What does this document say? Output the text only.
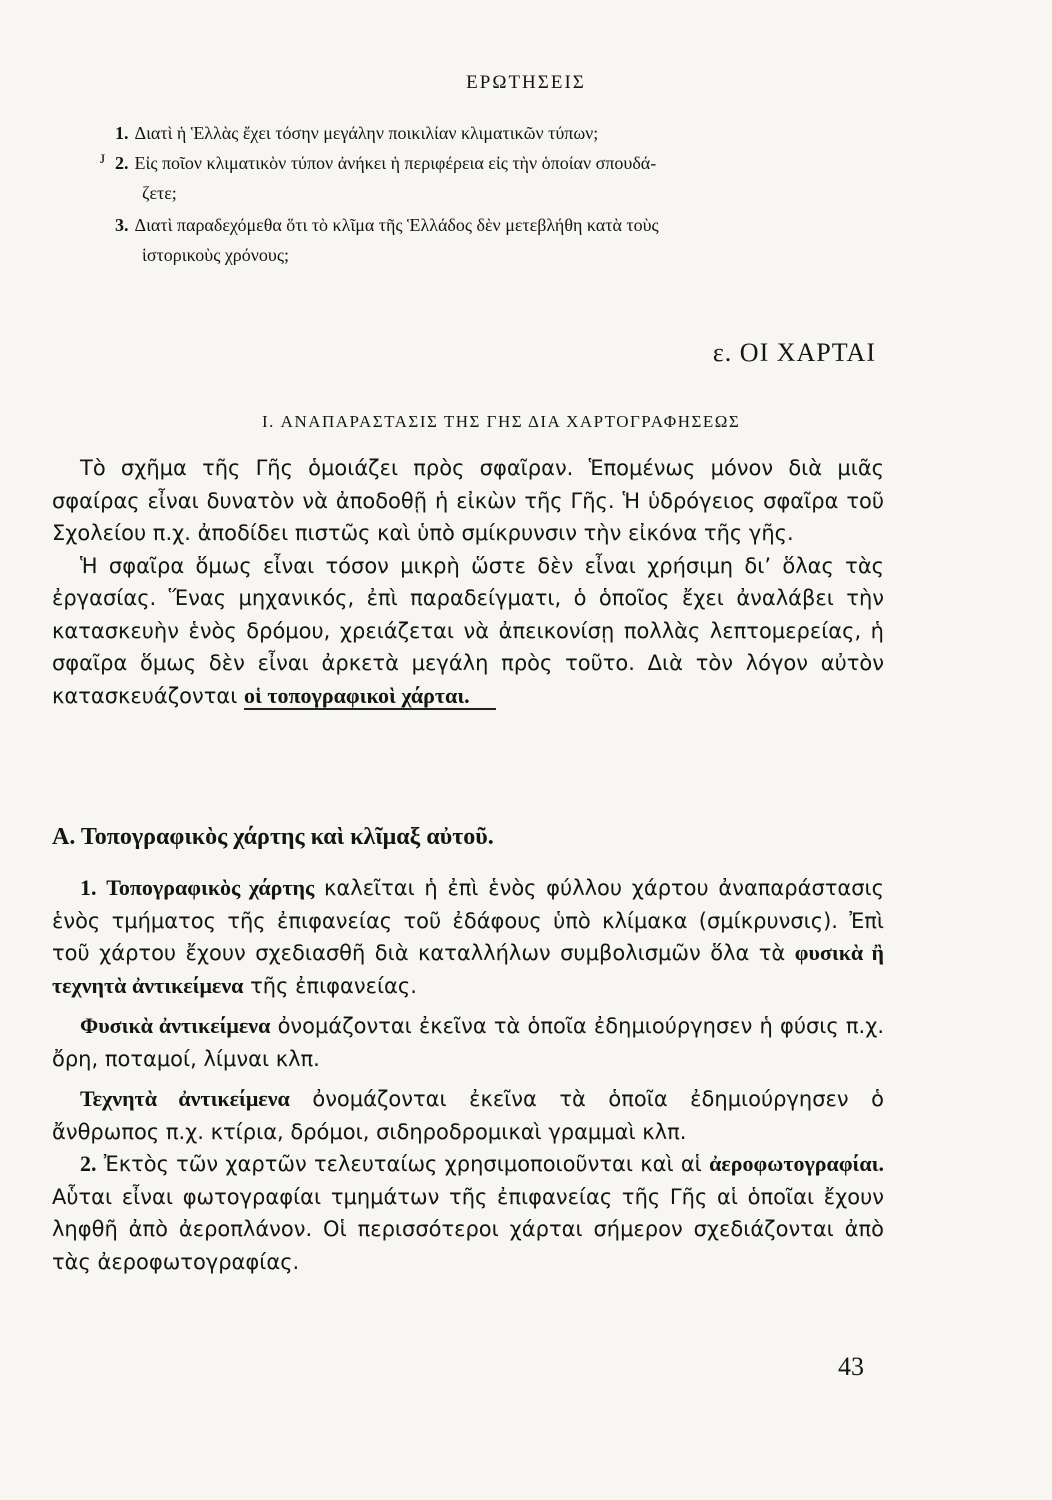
ΕΡΩΤΗΣΕΙΣ
ᴊ
1. Διατὶ ἡ Ἑλλὰς ἔχει τόσην μεγάλην ποικιλίαν κλιματικῶν τύπων;
2. Εἰς ποῖον κλιματικὸν τύπον ἀνήκει ἡ περιφέρεια εἰς τὴν ὁποίαν σπουδά-
ζετε;
3. Διατὶ παραδεχόμεθα ὅτι τὸ κλῖμα τῆς Ἑλλάδος δὲν μετεβλήθη κατὰ τοὺς
ἱστορικοὺς χρόνους;
ε. ΟΙ ΧΑΡΤΑΙ
I. ΑΝΑΠΑΡΑΣΤΑΣΙΣ ΤΗΣ ΓΗΣ ΔΙΑ ΧΑΡΤΟΓΡΑΦΗΣΕΩΣ

Τὸ σχῆμα τῆς Γῆς ὁμοιάζει πρὸς σφαῖραν. Ἑπομένως μόνον διὰ μιᾶς σφαίρας εἶναι δυνατὸν νὰ ἀποδοθῇ ἡ εἰκὼν τῆς Γῆς. Ἡ ὑδρόγειος σφαῖρα τοῦ Σχολείου π.χ. ἀποδίδει πιστῶς καὶ ὑπὸ σμίκρυνσιν τὴν εἰκόνα τῆς γῆς.

Ἡ σφαῖρα ὅμως εἶναι τόσον μικρὴ ὥστε δὲν εἶναι χρήσιμη δι’ ὅλας τὰς ἐργασίας. Ἕνας μηχανικός, ἐπὶ παραδείγματι, ὁ ὁποῖος ἔχει ἀναλάβει τὴν κατασκευὴν ἑνὸς δρόμου, χρειάζεται νὰ ἀπεικονίσῃ πολλὰς λεπτομερείας, ἡ σφαῖρα ὅμως δὲν εἶναι ἀρκετὰ μεγάλη πρὸς τοῦτο. Διὰ τὸν λόγον αὐτὸν κατασκευάζονται οἱ τοπογραφικοὶ χάρται.

Α. Τοπογραφικὸς χάρτης καὶ κλῖμαξ αὐτοῦ.

1. Τοπογραφικὸς χάρτης καλεῖται ἡ ἐπὶ ἑνὸς φύλλου χάρτου ἀναπαράστασις ἑνὸς τμήματος τῆς ἐπιφανείας τοῦ ἐδάφους ὑπὸ κλίμακα (σμίκρυνσις). Ἐπὶ τοῦ χάρτου ἔχουν σχεδιασθῆ διὰ καταλλήλων συμβολισμῶν ὅλα τὰ φυσικὰ ἢ τεχνητὰ ἀντικείμενα τῆς ἐπιφανείας.

Φυσικὰ ἀντικείμενα ὀνομάζονται ἐκεῖνα τὰ ὁποῖα ἐδημιούργησεν ἡ φύσις π.χ. ὄρη, ποταμοί, λίμναι κλπ.

Τεχνητὰ ἀντικείμενα ὀνομάζονται ἐκεῖνα τὰ ὁποῖα ἐδημιούργησεν ὁ ἄνθρωπος π.χ. κτίρια, δρόμοι, σιδηροδρομικαὶ γραμμαὶ κλπ.

2. Ἐκτὸς τῶν χαρτῶν τελευταίως χρησιμοποιοῦνται καὶ αἱ ἀεροφωτογραφίαι. Αὗται εἶναι φωτογραφίαι τμημάτων τῆς ἐπιφανείας τῆς Γῆς αἱ ὁποῖαι ἔχουν ληφθῆ ἀπὸ ἀεροπλάνον. Οἱ περισσότεροι χάρται σήμερον σχεδιάζονται ἀπὸ τὰς ἀεροφωτογραφίας.

43
